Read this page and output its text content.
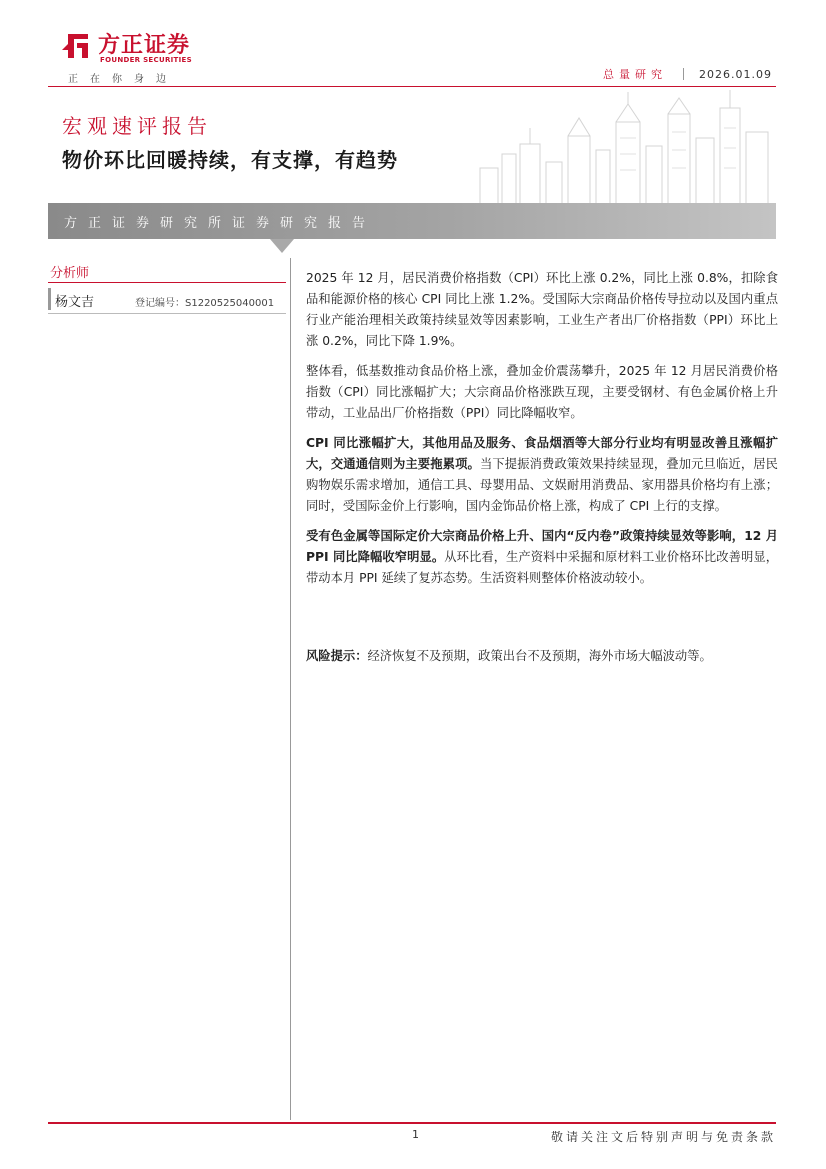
方正证券
FOUNDER SECURITIES
正在你身边	总量研究	2026.01.09
宏观速评报告
物价环比回暖持续，有支撑，有趋势
方正证券研究所证券研究报告
分析师
杨文吉	登记编号：S1220525040001

2025 年 12 月，居民消费价格指数（CPI）环比上涨 0.2%，同比上涨 0.8%，扣除食品和能源价格的核心 CPI 同比上涨 1.2%。受国际大宗商品价格传导拉动以及国内重点行业产能治理相关政策持续显效等因素影响，工业生产者出厂价格指数（PPI）环比上涨 0.2%，同比下降 1.9%。

整体看，低基数推动食品价格上涨，叠加金价震荡攀升，2025 年 12 月居民消费价格指数（CPI）同比涨幅扩大；大宗商品价格涨跌互现，主要受钢材、有色金属价格上升带动，工业品出厂价格指数（PPI）同比降幅收窄。

CPI 同比涨幅扩大，其他用品及服务、食品烟酒等大部分行业均有明显改善且涨幅扩大，交通通信则为主要拖累项。当下提振消费政策效果持续显现，叠加元旦临近，居民购物娱乐需求增加，通信工具、母婴用品、文娱耐用消费品、家用器具价格均有上涨；同时，受国际金价上行影响，国内金饰品价格上涨，构成了 CPI 上行的支撑。

受有色金属等国际定价大宗商品价格上升、国内“反内卷”政策持续显效等影响，12 月 PPI 同比降幅收窄明显。从环比看，生产资料中采掘和原材料工业价格环比改善明显，带动本月 PPI 延续了复苏态势。生活资料则整体价格波动较小。

风险提示：经济恢复不及预期，政策出台不及预期，海外市场大幅波动等。
1	敬请关注文后特别声明与免责条款
